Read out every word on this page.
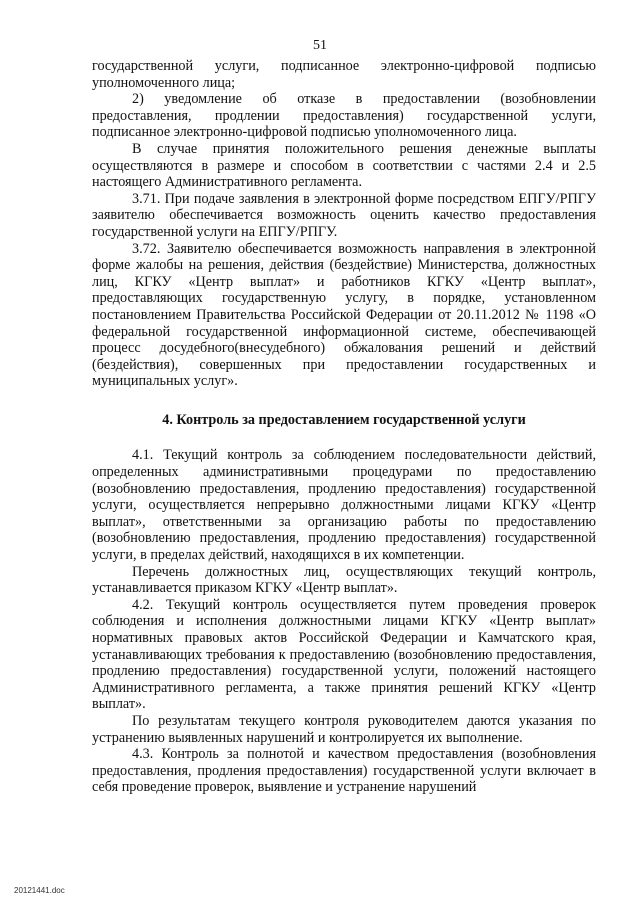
51

государственной услуги, подписанное электронно-цифровой подписью уполномоченного лица;

2) уведомление об отказе в предоставлении (возобновлении предоставления, продлении предоставления) государственной услуги, подписанное электронно-цифровой подписью уполномоченного лица.

В случае принятия положительного решения денежные выплаты осуществляются в размере и способом в соответствии с частями 2.4 и 2.5 настоящего Административного регламента.

3.71. При подаче заявления в электронной форме посредством ЕПГУ/РПГУ заявителю обеспечивается возможность оценить качество предоставления государственной услуги на ЕПГУ/РПГУ.

3.72. Заявителю обеспечивается возможность направления в электронной форме жалобы на решения, действия (бездействие) Министерства, должностных лиц, КГКУ «Центр выплат» и работников КГКУ «Центр выплат», предоставляющих государственную услугу, в порядке, установленном постановлением Правительства Российской Федерации от 20.11.2012 № 1198 «О федеральной государственной информационной системе, обеспечивающей процесс досудебного(внесудебного) обжалования решений и действий (бездействия), совершенных при предоставлении государственных и муниципальных услуг».

4. Контроль за предоставлением государственной услуги

4.1. Текущий контроль за соблюдением последовательности действий, определенных административными процедурами по предоставлению (возобновлению предоставления, продлению предоставления) государственной услуги, осуществляется непрерывно должностными лицами КГКУ «Центр выплат», ответственными за организацию работы по предоставлению (возобновлению предоставления, продлению предоставления) государственной услуги, в пределах действий, находящихся в их компетенции.

Перечень должностных лиц, осуществляющих текущий контроль, устанавливается приказом КГКУ «Центр выплат».

4.2. Текущий контроль осуществляется путем проведения проверок соблюдения и исполнения должностными лицами КГКУ «Центр выплат» нормативных правовых актов Российской Федерации и Камчатского края, устанавливающих требования к предоставлению (возобновлению предоставления, продлению предоставления) государственной услуги, положений настоящего Административного регламента, а также принятия решений КГКУ «Центр выплат».

По результатам текущего контроля руководителем даются указания по устранению выявленных нарушений и контролируется их выполнение.

4.3. Контроль за полнотой и качеством предоставления (возобновления предоставления, продления предоставления) государственной услуги включает в себя проведение проверок, выявление и устранение нарушений

20121441.doc
